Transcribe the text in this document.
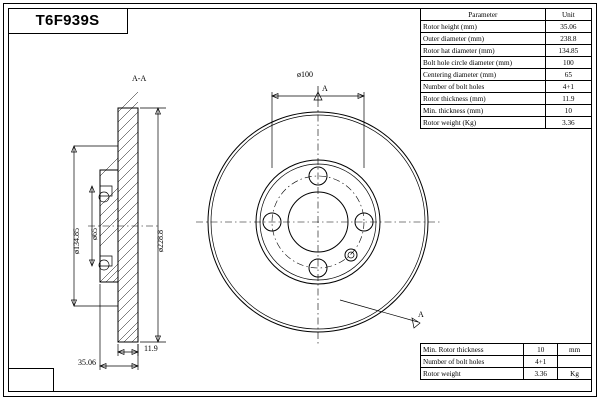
T6F939S
A-A
A
A
ø100
ø134.85 ø65	ø228.8
11.9
35.06
Parameter	Unit
Rotor height (mm)	35.06
Outer diameter (mm)	238.8
Rotor hat diameter (mm)	134.85
Bolt hole circle diameter (mm)	100
Centering diameter (mm)	65
Number of bolt holes	4+1
Rotor thickness (mm)	11.9
Min. thickness (mm)	10
Rotor weight (Kg)	3.36
Min. Rotor thickness	10	mm
Number of bolt holes	4+1	
Rotor weight	3.36	Kg
